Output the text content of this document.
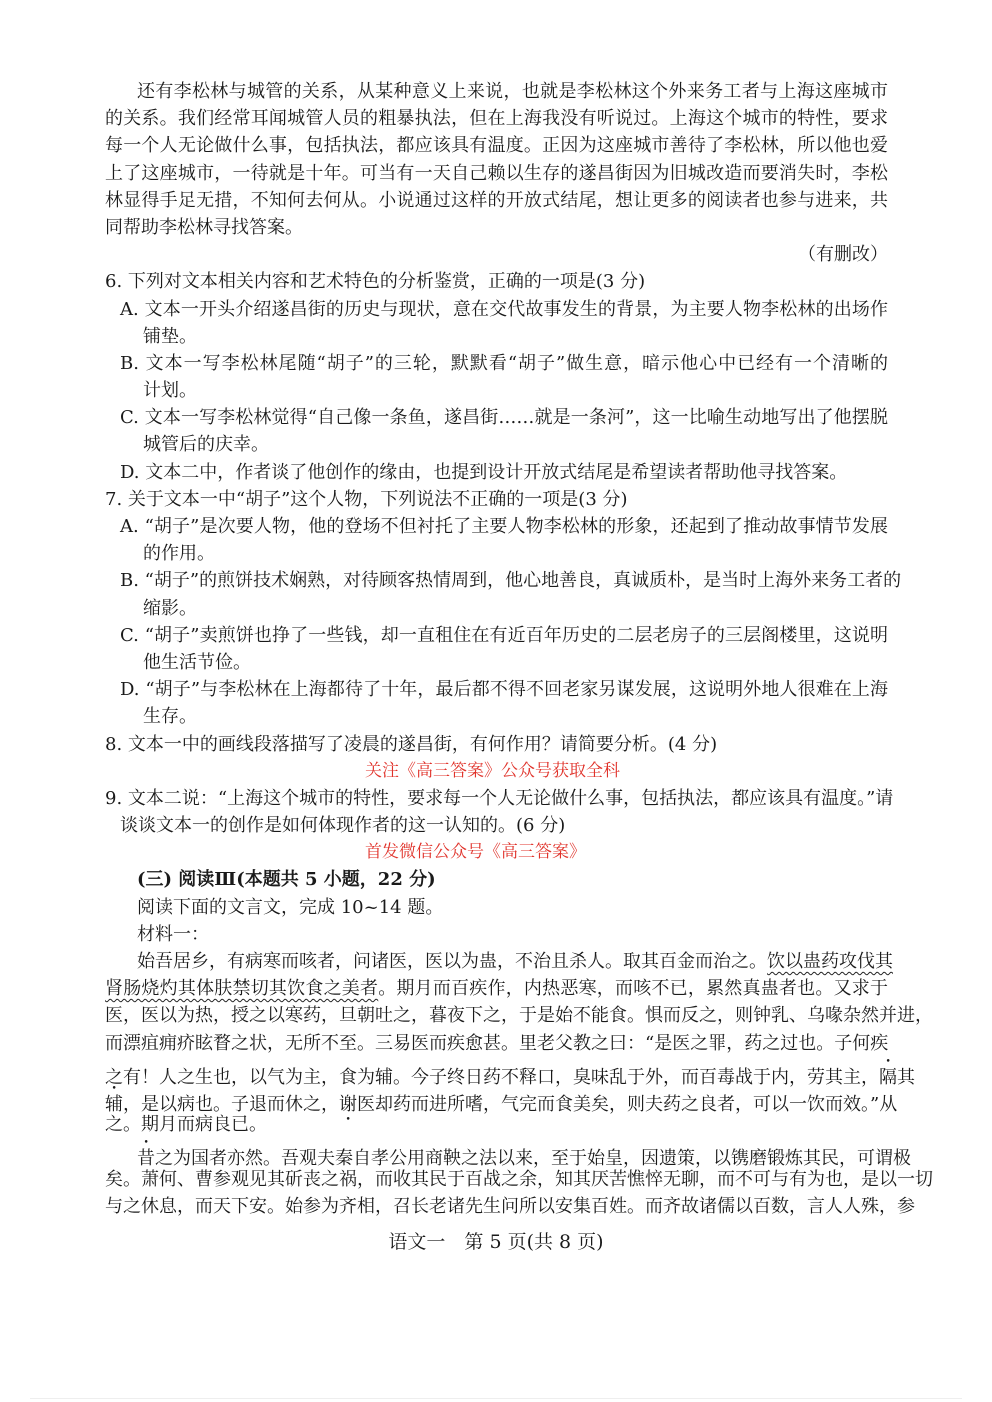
还有李松林与城管的关系，从某种意义上来说，也就是李松林这个外来务工者与上海这座城市
的关系。我们经常耳闻城管人员的粗暴执法，但在上海我没有听说过。上海这个城市的特性，要求
每一个人无论做什么事，包括执法，都应该具有温度。正因为这座城市善待了李松林，所以他也爱
上了这座城市，一待就是十年。可当有一天自己赖以生存的遂昌街因为旧城改造而要消失时，李松
林显得手足无措，不知何去何从。小说通过这样的开放式结尾，想让更多的阅读者也参与进来，共
同帮助李松林寻找答案。
（有删改）
6. 下列对文本相关内容和艺术特色的分析鉴赏，正确的一项是(3 分)
A. 文本一开头介绍遂昌街的历史与现状，意在交代故事发生的背景，为主要人物李松林的出场作
铺垫。
B. 文本一写李松林尾随“胡子”的三轮，默默看“胡子”做生意，暗示他心中已经有一个清晰的
计划。
C. 文本一写李松林觉得“自己像一条鱼，遂昌街……就是一条河”，这一比喻生动地写出了他摆脱
城管后的庆幸。
D. 文本二中，作者谈了他创作的缘由，也提到设计开放式结尾是希望读者帮助他寻找答案。
7. 关于文本一中“胡子”这个人物，下列说法不正确的一项是(3 分)
A. “胡子”是次要人物，他的登场不但衬托了主要人物李松林的形象，还起到了推动故事情节发展
的作用。
B. “胡子”的煎饼技术娴熟，对待顾客热情周到，他心地善良，真诚质朴，是当时上海外来务工者的
缩影。
C. “胡子”卖煎饼也挣了一些钱，却一直租住在有近百年历史的二层老房子的三层阁楼里，这说明
他生活节俭。
D. “胡子”与李松林在上海都待了十年，最后都不得不回老家另谋发展，这说明外地人很难在上海
生存。
8. 文本一中的画线段落描写了凌晨的遂昌街，有何作用？请简要分析。(4 分)
关注《高三答案》公众号获取全科
9. 文本二说：“上海这个城市的特性，要求每一个人无论做什么事，包括执法，都应该具有温度。”请
谈谈文本一的创作是如何体现作者的这一认知的。(6 分)
首发微信公众号《高三答案》
(三) 阅读Ⅲ(本题共 5 小题，22 分)
阅读下面的文言文，完成 10~14 题。
材料一：
始吾居乡，有病寒而咳者，问诸医，医以为蛊，不治且杀人。取其百金而治之。饮以蛊药攻伐其
肾肠烧灼其体肤禁切其饮食之美者。期月而百疾作，内热恶寒，而咳不已，累然真蛊者也。又求于
医，医以为热，授之以寒药，旦朝吐之，暮夜下之，于是始不能食。惧而反之，则钟乳、乌喙杂然并进，
而漂疽痈疥眩瞀之状，无所不至。三易医而疾愈甚。里老父教之曰：“是医之罪，药之过也。子何疾
之有！人之生也，以气为主，食为辅。今子终日药不释口，臭味乱于外，而百毒战于内，劳其主，隔其
辅，是以病也。子退而休之，谢医却药而进所嗜，气完而食美矣，则夫药之良者，可以一饮而效。”从
之。期月而病良已。
昔之为国者亦然。吾观夫秦自孝公用商鞅之法以来，至于始皇，因遗策，以镌磨锻炼其民，可谓极
矣。萧何、曹参观见其斫丧之祸，而收其民于百战之余，知其厌苦憔悴无聊，而不可与有为也，是以一切
与之休息，而天下安。始参为齐相，召长老诸先生问所以安集百姓。而齐故诸儒以百数，言人人殊，参
语文一　第 5 页(共 8 页)
